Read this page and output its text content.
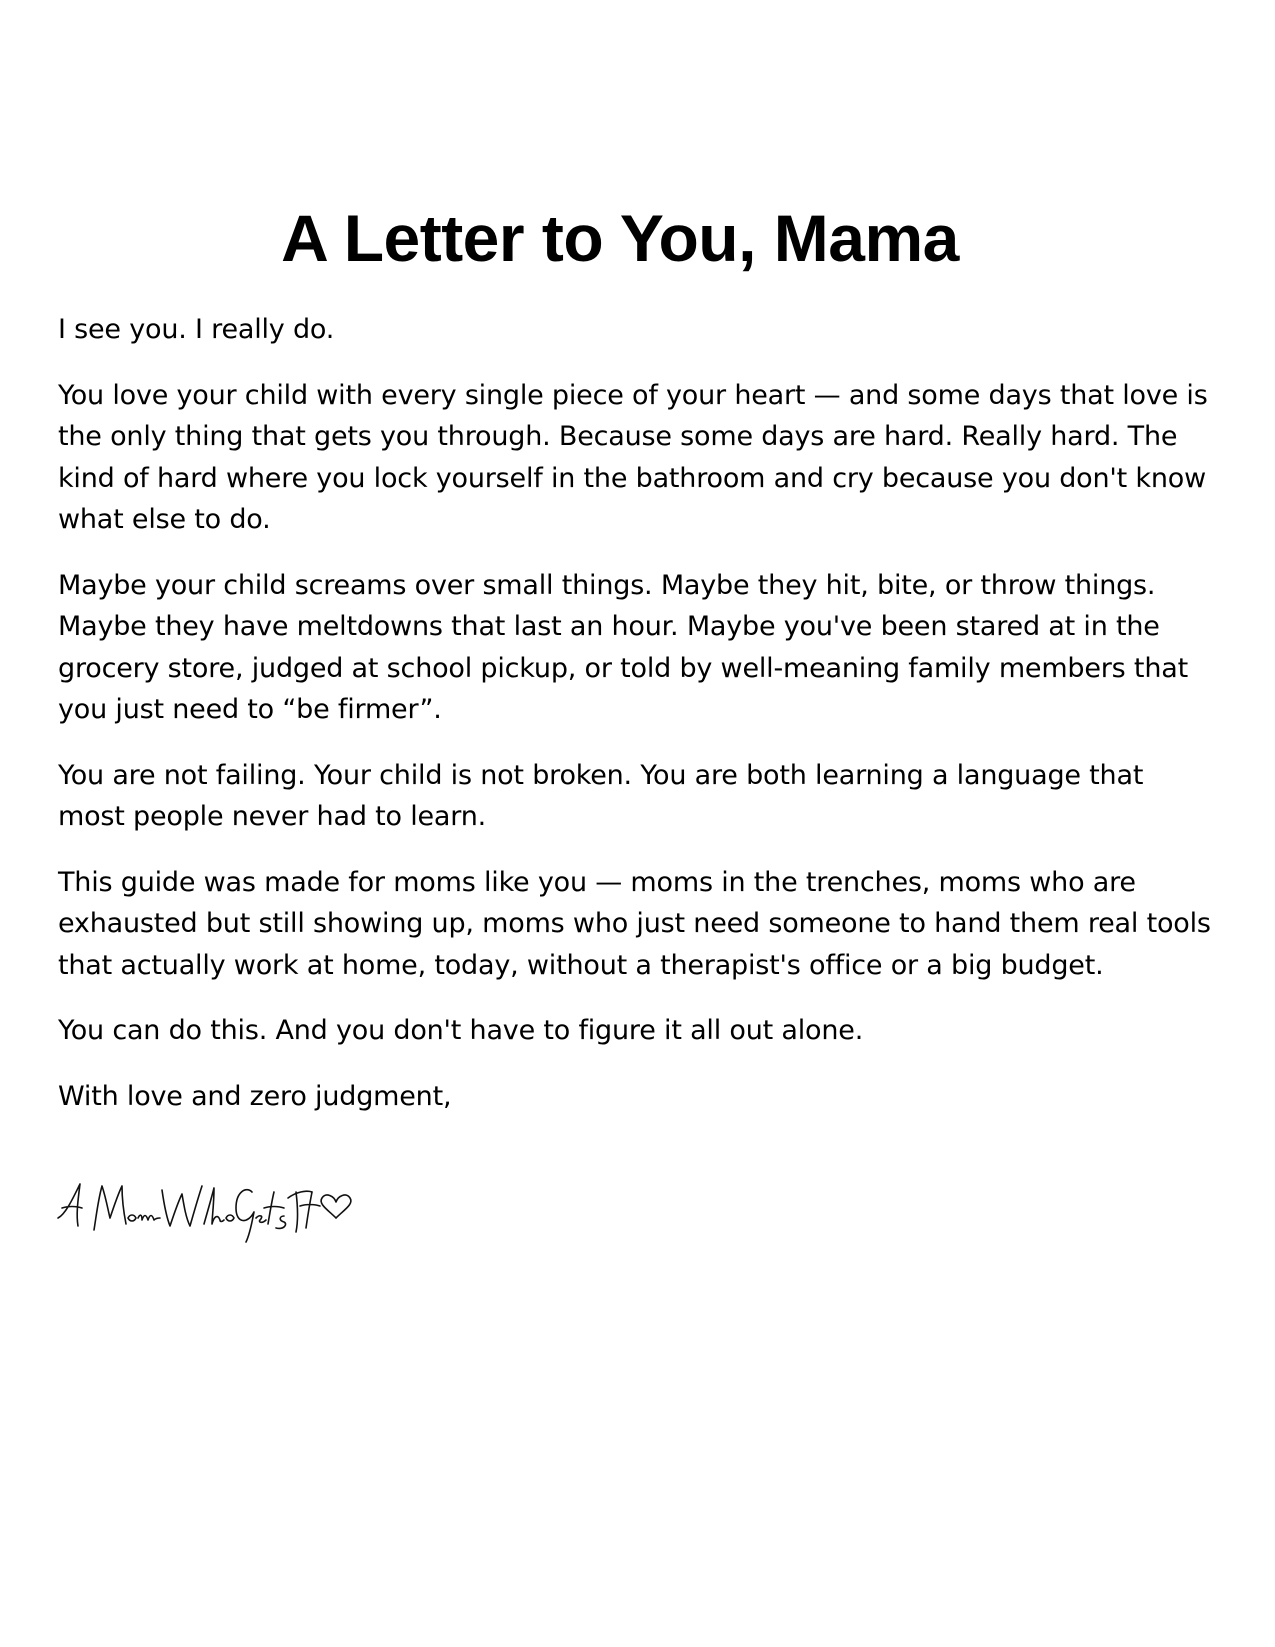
A Letter to You, Mama

I see you. I really do.

You love your child with every single piece of your heart — and some days that love is the only thing that gets you through. Because some days are hard. Really hard. The kind of hard where you lock yourself in the bathroom and cry because you don't know what else to do.

Maybe your child screams over small things. Maybe they hit, bite, or throw things. Maybe they have meltdowns that last an hour. Maybe you've been stared at in the grocery store, judged at school pickup, or told by well-meaning family members that you just need to “be firmer”.

You are not failing. Your child is not broken. You are both learning a language that most people never had to learn.

This guide was made for moms like you — moms in the trenches, moms who are exhausted but still showing up, moms who just need someone to hand them real tools that actually work at home, today, without a therapist's office or a big budget.

You can do this. And you don't have to figure it all out alone.

With love and zero judgment,
